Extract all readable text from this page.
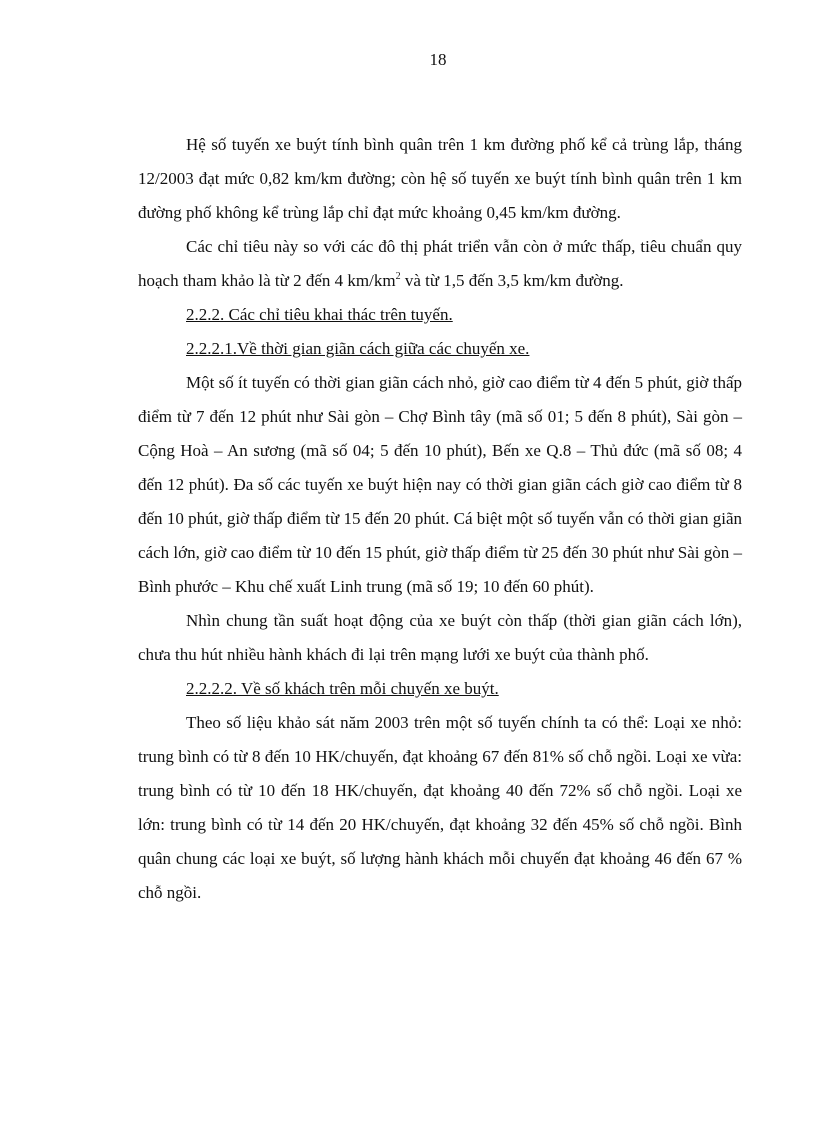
18

Hệ số tuyến xe buýt tính bình quân trên 1 km đường phố kể cả trùng lắp, tháng 12/2003 đạt mức 0,82 km/km đường; còn hệ số tuyến xe buýt tính bình quân trên 1 km đường phố không kể trùng lắp chỉ đạt mức khoảng 0,45 km/km đường.

Các chỉ tiêu này so với các đô thị phát triển vẫn còn ở mức thấp, tiêu chuẩn quy hoạch tham khảo là từ 2 đến 4 $km/km^2$ và từ 1,5 đến 3,5 km/km đường.

2.2.2. Các chỉ tiêu khai thác trên tuyến.

2.2.2.1.Về thời gian giãn cách giữa các chuyến xe.

Một số ít tuyến có thời gian giãn cách nhỏ, giờ cao điểm từ 4 đến 5 phút, giờ thấp điểm từ 7 đến 12 phút như Sài gòn – Chợ Bình tây (mã số 01; 5 đến 8 phút), Sài gòn – Cộng Hoà – An sương (mã số 04; 5 đến 10 phút), Bến xe Q.8 – Thủ đức (mã số 08; 4 đến 12 phút). Đa số các tuyến xe buýt hiện nay có thời gian giãn cách giờ cao điểm từ 8 đến 10 phút, giờ thấp điểm từ 15 đến 20 phút. Cá biệt một số tuyến vẫn có thời gian giãn cách lớn, giờ cao điểm từ 10 đến 15 phút, giờ thấp điểm từ 25 đến 30 phút như Sài gòn – Bình phước – Khu chế xuất Linh trung (mã số 19; 10 đến 60 phút).

Nhìn chung tần suất hoạt động của xe buýt còn thấp (thời gian giãn cách lớn), chưa thu hút nhiều hành khách đi lại trên mạng lưới xe buýt của thành phố.

2.2.2.2. Về số khách trên mỗi chuyến xe buýt.

Theo số liệu khảo sát năm 2003 trên một số tuyến chính ta có thể: Loại xe nhỏ: trung bình có từ 8 đến 10 HK/chuyến, đạt khoảng 67 đến 81% số chỗ ngồi. Loại xe vừa: trung bình có từ 10 đến 18 HK/chuyến, đạt khoảng 40 đến 72% số chỗ ngồi. Loại xe lớn: trung bình có từ 14 đến 20 HK/chuyến, đạt khoảng 32 đến 45% số chỗ ngồi. Bình quân chung các loại xe buýt, số lượng hành khách mỗi chuyến đạt khoảng 46 đến 67 % chỗ ngồi.
